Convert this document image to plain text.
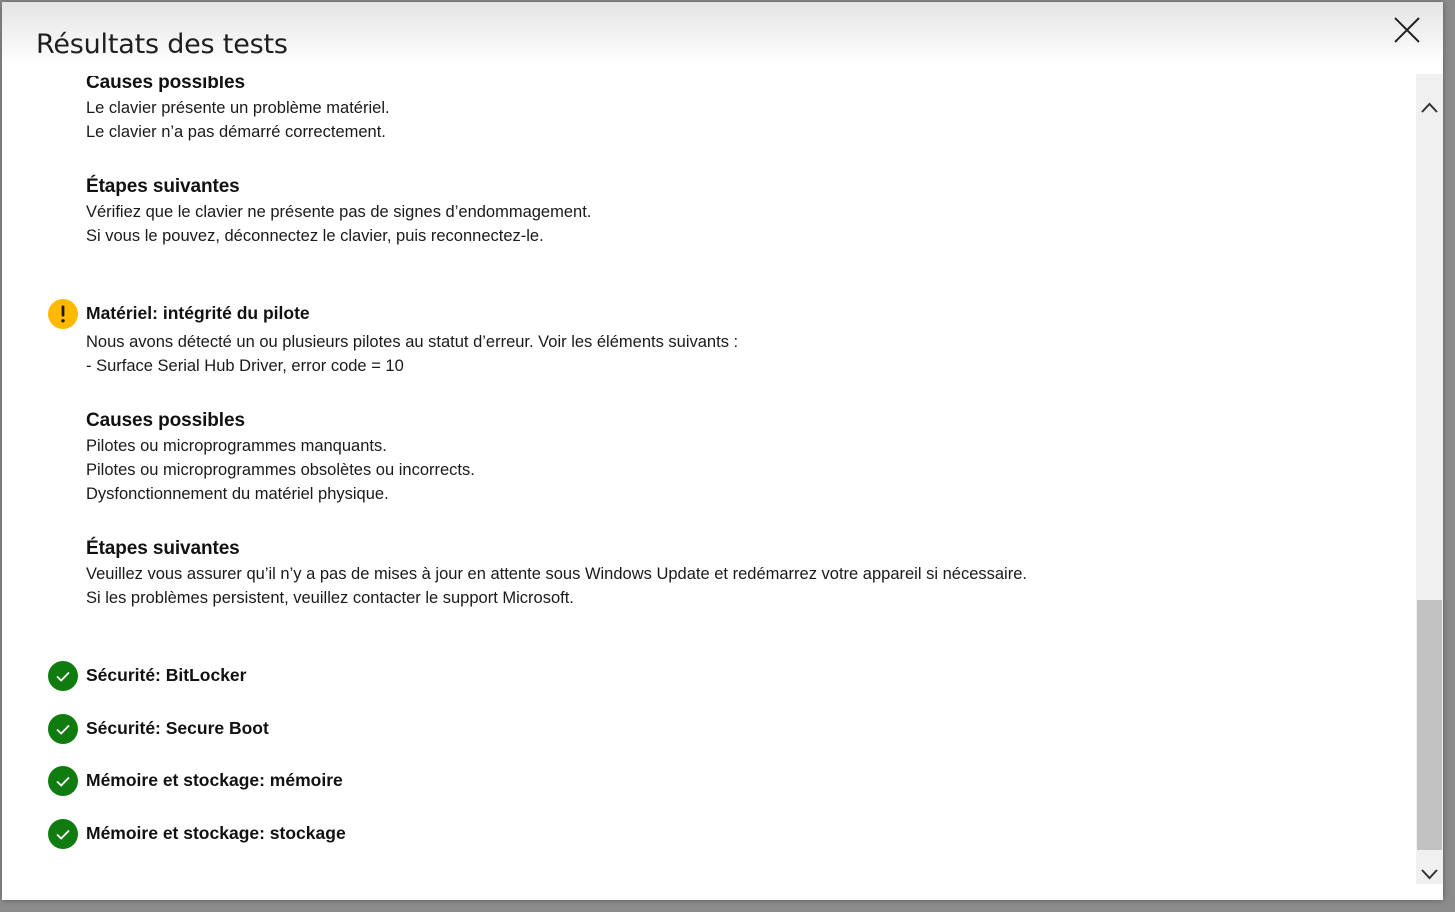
Résultats des tests
Causes possibles
Le clavier présente un problème matériel.
Le clavier n’a pas démarré correctement.
Étapes suivantes
Vérifiez que le clavier ne présente pas de signes d’endommagement.
Si vous le pouvez, déconnectez le clavier, puis reconnectez-le.
Matériel: intégrité du pilote
Nous avons détecté un ou plusieurs pilotes au statut d’erreur. Voir les éléments suivants :
- Surface Serial Hub Driver, error code = 10
Causes possibles
Pilotes ou microprogrammes manquants.
Pilotes ou microprogrammes obsolètes ou incorrects.
Dysfonctionnement du matériel physique.
Étapes suivantes
Veuillez vous assurer qu’il n’y a pas de mises à jour en attente sous Windows Update et redémarrez votre appareil si nécessaire.
Si les problèmes persistent, veuillez contacter le support Microsoft.
Sécurité: BitLocker
Sécurité: Secure Boot
Mémoire et stockage: mémoire
Mémoire et stockage: stockage
